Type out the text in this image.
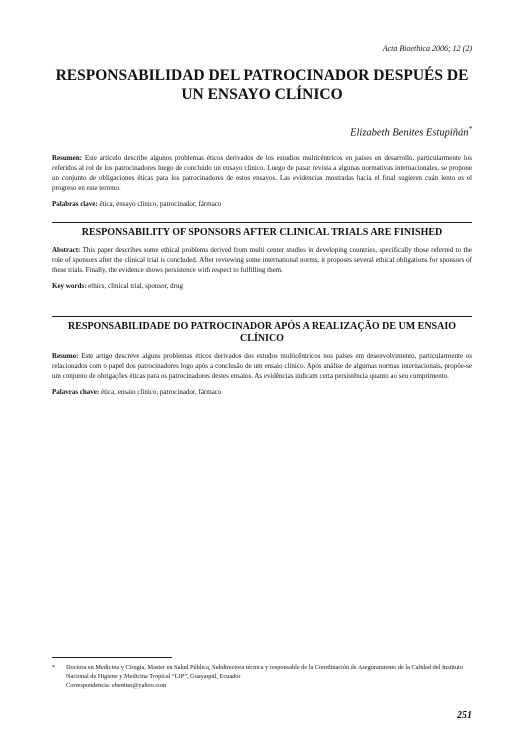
Acta Bioethica 2006; 12 (2)
RESPONSABILIDAD DEL PATROCINADOR DESPUÉS DE UN ENSAYO CLÍNICO
Elizabeth Benites Estupiñán*

Resumen: Este artículo describe algunos problemas éticos derivados de los estudios multicéntricos en países en desarrollo, particularmente los referidos al rol de los patrocinadores luego de concluido un ensayo clínico. Luego de pasar revista a algunas normativas internacionales, se propone un conjunto de obligaciones éticas para los patrocinadores de estos ensayos. Las evidencias mostradas hacia el final sugieren cuán lento es el progreso en este terreno.

Palabras clave: ética, ensayo clínico, patrocinador, fármaco

RESPONSABILITY OF SPONSORS AFTER CLINICAL TRIALS ARE FINISHED

Abstract: This paper describes some ethical problems derived from multi center studies in developing countries, specifically those referred to the role of sponsors after the clinical trial is concluded. After reviewing some international norms, it proposes several ethical obligations for sponsors of these trials. Finally, the evidence shows persistence with respect to fulfilling them.

Key words: ethics, clinical trial, sponsor, drug

RESPONSABILIDADE DO PATROCINADOR APÓS A REALIZAÇÃO DE UM ENSAIO CLÍNICO

Resumo: Este artigo descreve alguns problemas éticos derivados dos estudos multicêntricos nos países em desenvolvimento, particularmente os relacionados com o papel dos patrocinadores logo após a conclusão de um ensaio clínico. Após análise de algumas normas internacionais, propõe-se um conjunto de obrigações éticas para os patrocinadores destes ensaios. As evidências indicam certa persistência quanto ao seu cumprimento.

Palavras chave: ética, ensaio clínico, patrocinador, fármaco

*	Doctora en Medicina y Cirugía, Master en Salud Pública, Subdirectora técnica y responsable de la Coordinación de Aseguramiento de la Calidad del Instituto Nacional de Higiene y Medicina Tropical “LIP”, Guayaquil, Ecuador
Correspondencia: ebenites@yahoo.com
251
